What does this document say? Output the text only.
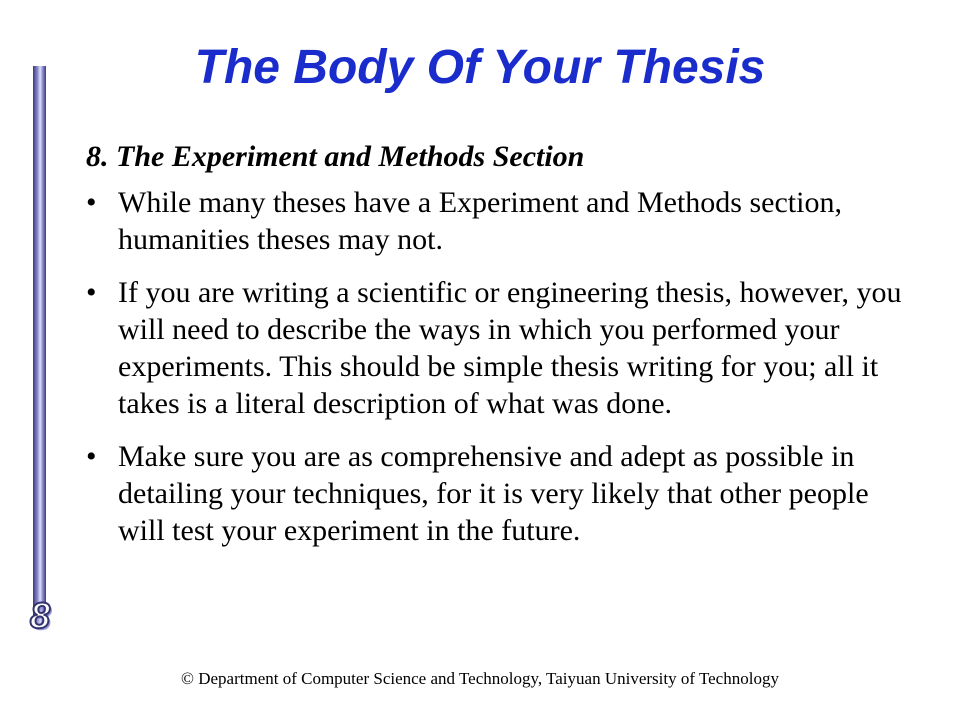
8
The Body Of Your Thesis
8. The Experiment and Methods Section
• While many theses have a Experiment and Methods section, humanities theses may not.
• If you are writing a scientific or engineering thesis, however, you will need to describe the ways in which you performed your experiments. This should be simple thesis writing for you; all it takes is a literal description of what was done.
• Make sure you are as comprehensive and adept as possible in detailing your techniques, for it is very likely that other people will test your experiment in the future.
© Department of Computer Science and Technology, Taiyuan University of Technology
